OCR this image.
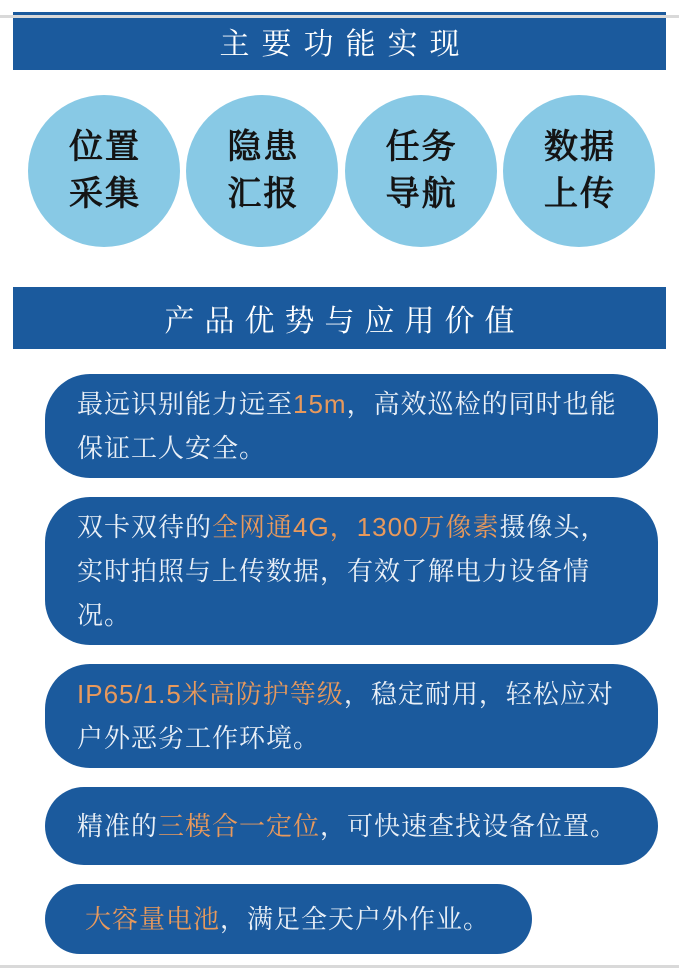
主要功能实现
位置
采集
隐患
汇报
任务
导航
数据
上传
产品优势与应用价值
最远识别能力远至15m，高效巡检的同时也能保证工人安全。
双卡双待的全网通4G，1300万像素摄像头，实时拍照与上传数据，有效了解电力设备情况。
IP65/1.5米高防护等级，稳定耐用，轻松应对户外恶劣工作环境。
精准的三模合一定位，可快速查找设备位置。
大容量电池，满足全天户外作业。
